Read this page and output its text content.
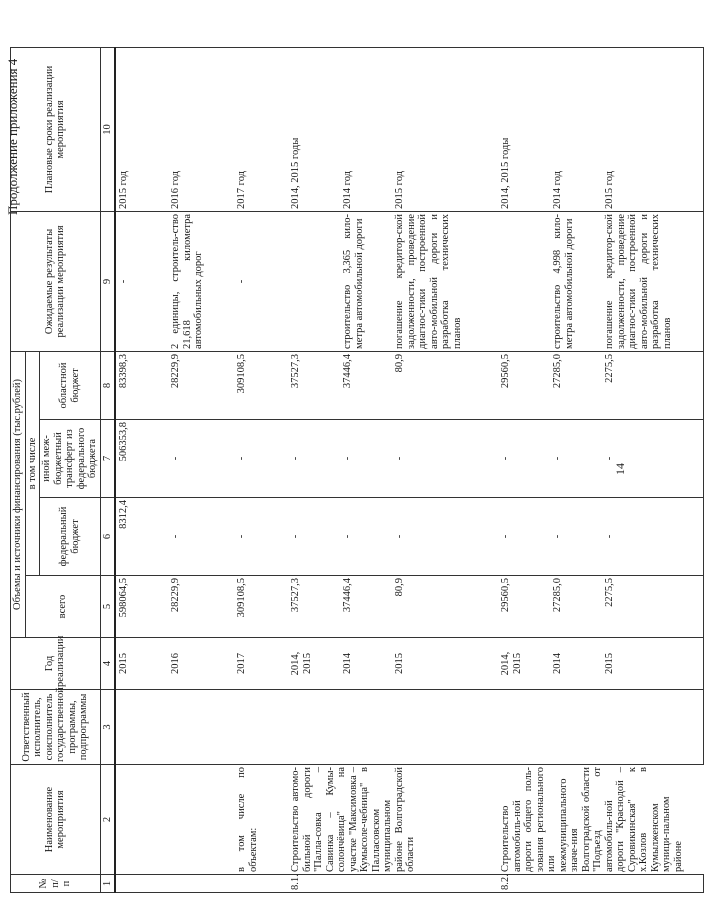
Продолжение приложения 4
14
№ п/п	Наименование мероприятия	Ответственный исполнитель, соисполнитель государственной программы, подпрограммы	Год реализации	Объемы и источники финансирования (тыс.рублей)				Ожидаемые результаты реализации мероприятия	Плановые сроки реализации мероприятия
				всего	в том числе				
					федеральный бюджет	иной меж-бюджетный трансферт из федерального бюджета	областной бюджет		
1	2	3	4	5	6	7	8	9	10
			2015	598064,5	8312,4	506353,8	83398,3	-	2015 год
			2016	28229,9	-	-	28229,9	2 единицы, строитель-ство 21,618 километра автомобильных дорог	2016 год
	в том числе по объектам:		2017	309108,5	-	-	309108,5	-	2017 год
8.1.	Строительство автомо-бильной дороги "Палла-совка – Савинка – Кумы-солончёвица" на участке "Максимовка – Кумысоле-чебница" в Палласовском муниципальном районе Волгоградской области		2014, 2015	37527,3	-	-	37527,3		2014, 2015 годы
			2014	37446,4	-	-	37446,4	строительство 3,365 кило-метра автомобильной дороги	2014 год
			2015	80,9	-	-	80,9	погашение кредитор-ской задолженности, проведение диагнос-тики построенной авто-мобильной дороги и разработка технических планов	2015 год
8.2.	Строительство автомобиль-ной дороги общего поль-зования регионального или межмуниципального значе-ния Волгоградской области "Подъезд от автомобиль-ной дороги "Краснодой – Суровикинская" к х.Козлов в Кумылженском муници-пальном районе		2014, 2015	29560,5	-	-	29560,5		2014, 2015 годы
			2014	27285,0	-	-	27285,0	строительство 4,998 кило-метра автомобильной дороги	2014 год
			2015	2275,5	-	-	2275,5	погашение кредитор-ской задолженности, проведение диагнос-тики построенной авто-мобильной дороги и разработка технических планов	2015 год
